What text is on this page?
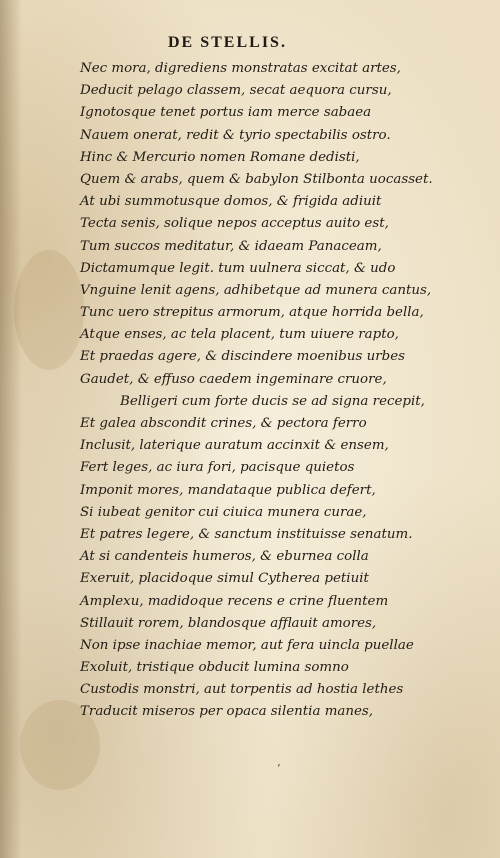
DE STELLIS.
Nec mora, digrediens monstratas excitat artes,
Deducit pelago classem, secat aequora cursu,
Ignotosque tenet portus iam merce sabaea
Nauem onerat, redit & tyrio spectabilis ostro.
Hinc & Mercurio nomen Romane dedisti,
Quem & arabs, quem & babylon Stilbonta uocasset.
At ubi summotusque domos, & frigida adiuit
Tecta senis, solique nepos acceptus auito est,
Tum succos meditatur, & idaeam Panaceam,
Dictamumque legit. tum uulnera siccat, & udo
Vnguine lenit agens, adhibetque ad munera cantus,
Tunc uero strepitus armorum, atque horrida bella,
Atque enses, ac tela placent, tum uiuere rapto,
Et praedas agere, & discindere moenibus urbes
Gaudet, & effuso caedem ingeminare cruore,
Belligeri cum forte ducis se ad signa recepit,
Et galea abscondit crines, & pectora ferro
Inclusit, laterique auratum accinxit & ensem,
Fert leges, ac iura fori, pacisque quietos
Imponit mores, mandataque publica defert,
Si iubeat genitor cui ciuica munera curae,
Et patres legere, & sanctum instituisse senatum.
At si candenteis humeros, & eburnea colla
Exeruit, placidoque simul Cytherea petiuit
Amplexu, madidoque recens e crine fluentem
Stillauit rorem, blandosque afflauit amores,
Non ipse inachiae memor, aut fera uincla puellae
Exoluit, tristique obducit lumina somno
Custodis monstri, aut torpentis ad hostia lethes
Traducit miseros per opaca silentia manes,
‘
